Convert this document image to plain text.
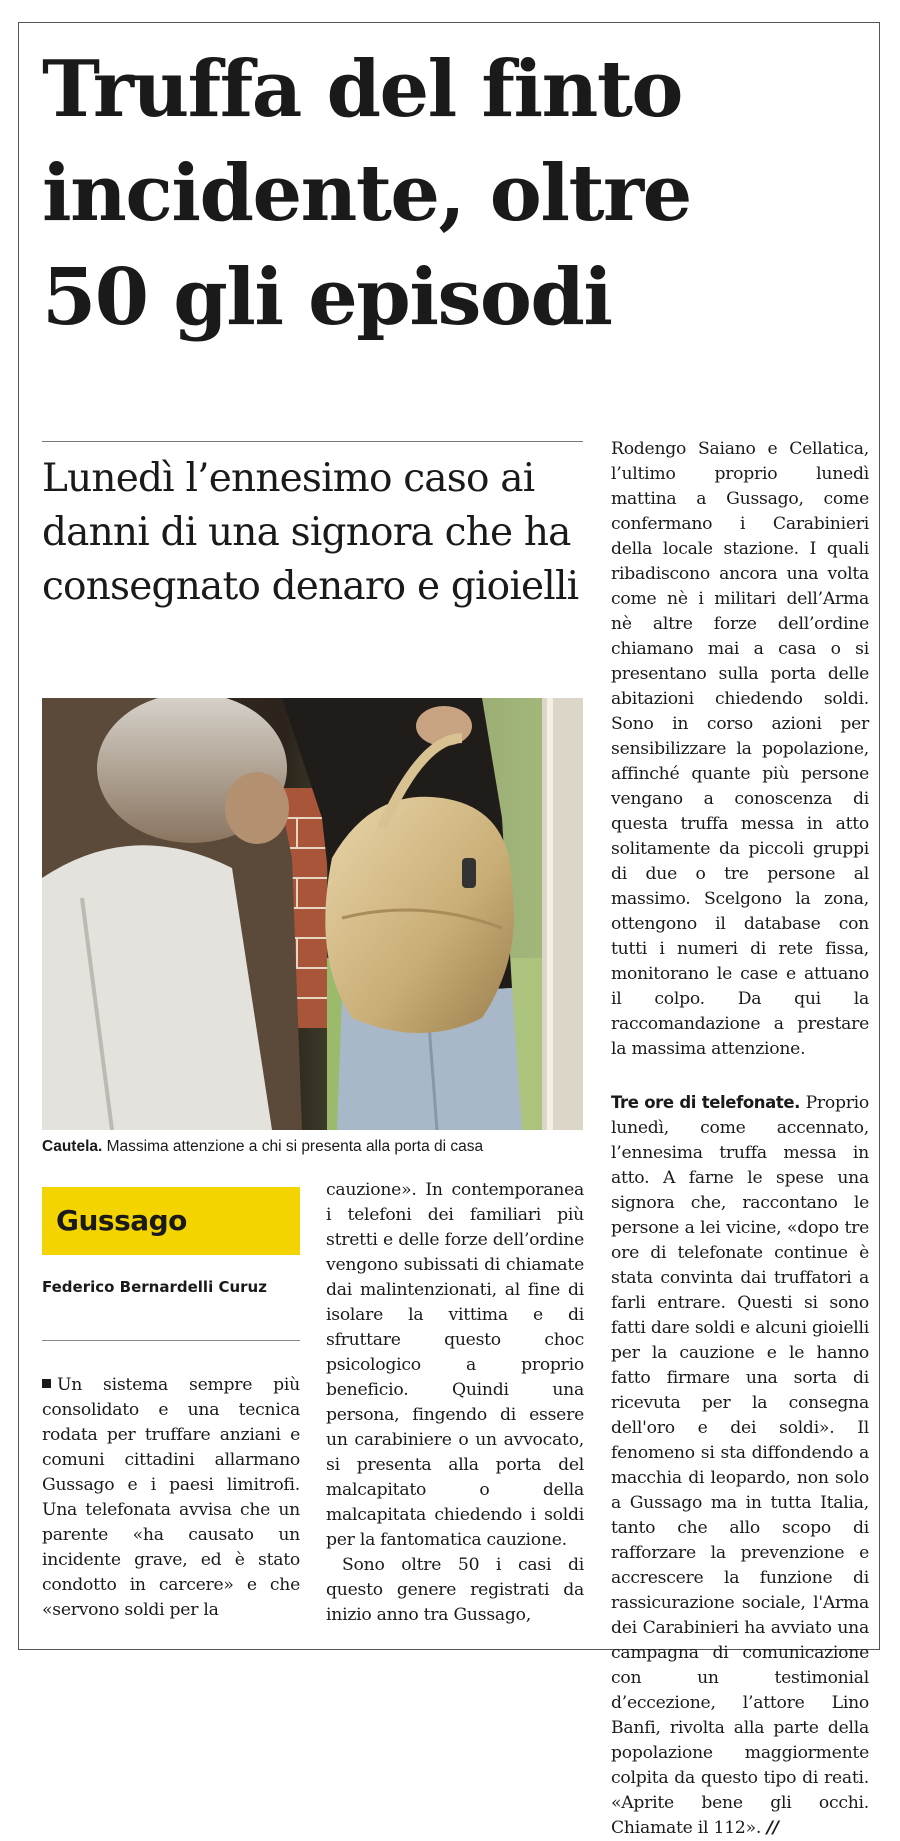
Truffa del finto incidente, oltre 50 gli episodi
Lunedì l’ennesimo caso ai danni di una signora che ha consegnato denaro e gioielli
Cautela. Massima attenzione a chi si presenta alla porta di casa
Gussago
Federico Bernardelli Curuz

Un sistema sempre più consolidato e una tecnica rodata per truffare anziani e comuni cittadini allarmano Gussago e i paesi limitrofi. Una telefonata avvisa che un parente «ha causato un incidente grave, ed è stato condotto in carcere» e che «servono soldi per la

cauzione». In contemporanea i telefoni dei familiari più stretti e delle forze dell’ordine vengono subissati di chiamate dai malintenzionati, al fine di isolare la vittima e di sfruttare questo choc psicologico a proprio beneficio. Quindi una persona, fingendo di essere un carabiniere o un avvocato, si presenta alla porta del malcapitato o della malcapitata chiedendo i soldi per la fantomatica cauzione.

Sono oltre 50 i casi di questo genere registrati da inizio anno tra Gussago,

Rodengo Saiano e Cellatica, l’ultimo proprio lunedì mattina a Gussago, come confermano i Carabinieri della locale stazione. I quali ribadiscono ancora una volta come nè i militari dell’Arma nè altre forze dell’ordine chiamano mai a casa o si presentano sulla porta delle abitazioni chiedendo soldi. Sono in corso azioni per sensibilizzare la popolazione, affinché quante più persone vengano a conoscenza di questa truffa messa in atto solitamente da piccoli gruppi di due o tre persone al massimo. Scelgono la zona, ottengono il database con tutti i numeri di rete fissa, monitorano le case e attuano il colpo. Da qui la raccomandazione a prestare la massima attenzione.

Tre ore di telefonate. Proprio lunedì, come accennato, l’ennesima truffa messa in atto. A farne le spese una signora che, raccontano le persone a lei vicine, «dopo tre ore di telefonate continue è stata convinta dai truffatori a farli entrare. Questi si sono fatti dare soldi e alcuni gioielli per la cauzione e le hanno fatto firmare una sorta di ricevuta per la consegna dell'oro e dei soldi». Il fenomeno si sta diffondendo a macchia di leopardo, non solo a Gussago ma in tutta Italia, tanto che allo scopo di rafforzare la prevenzione e accrescere la funzione di rassicurazione sociale, l'Arma dei Carabinieri ha avviato una campagna di comunicazione con un testimonial d’eccezione, l’attore Lino Banfi, rivolta alla parte della popolazione maggiormente colpita da questo tipo di reati. «Aprite bene gli occhi. Chiamate il 112». //
